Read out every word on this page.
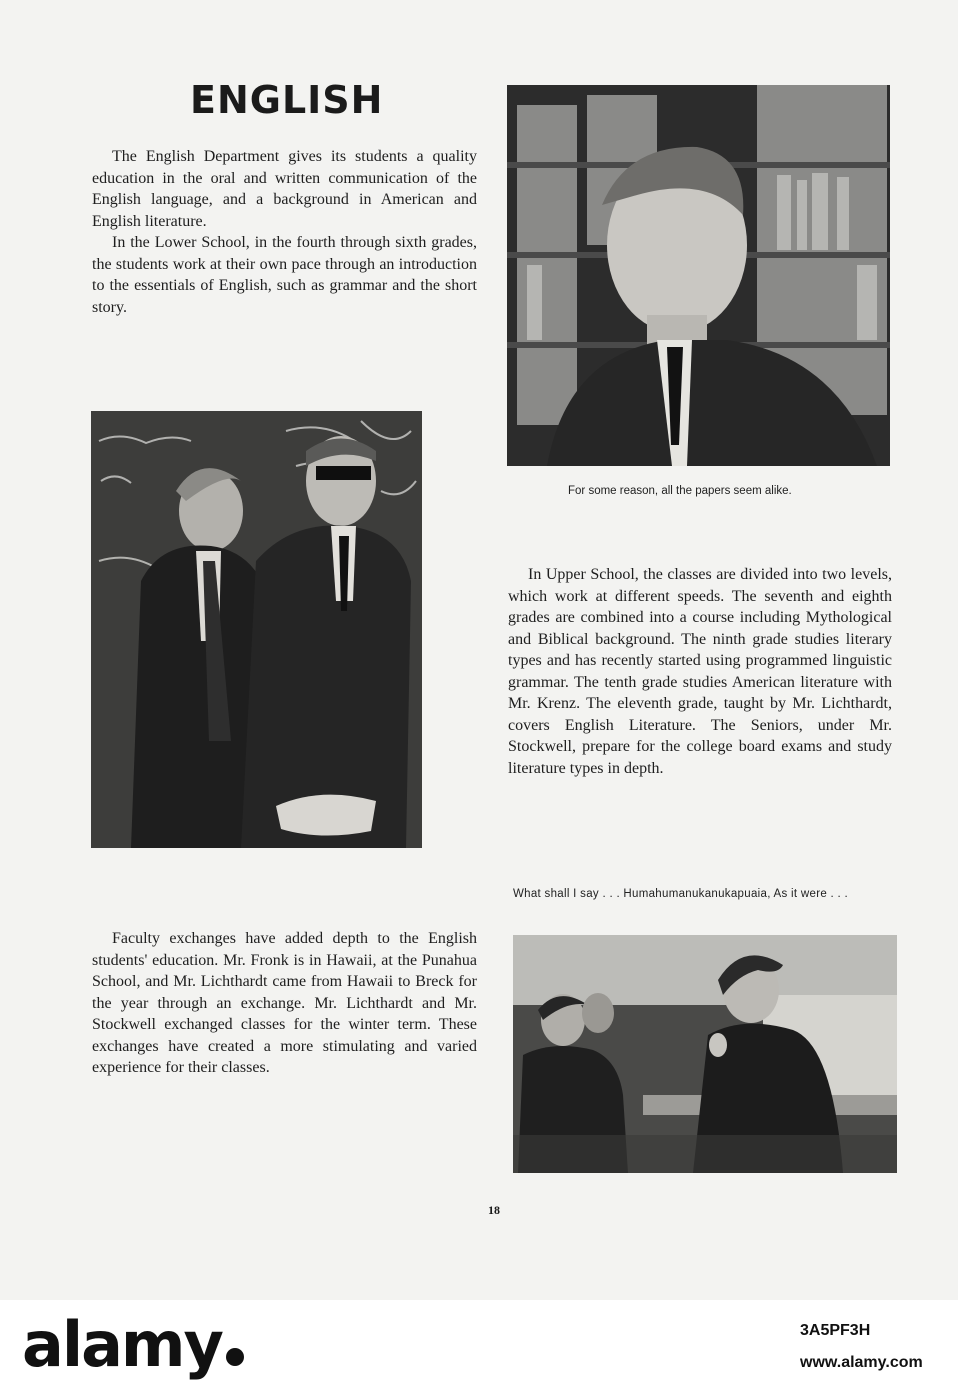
ENGLISH

The English Department gives its students a quality education in the oral and written communication of the English language, and a background in American and English literature.

In the Lower School, in the fourth through sixth grades, the students work at their own pace through an introduction to the essentials of English, such as grammar and the short story.

For some reason, all the papers seem alike.

In Upper School, the classes are divided into two levels, which work at different speeds. The seventh and eighth grades are combined into a course including Mythological and Biblical background. The ninth grade studies literary types and has recently started using programmed linguistic grammar. The tenth grade studies American literature with Mr. Krenz. The eleventh grade, taught by Mr. Lichthardt, covers English Literature. The Seniors, under Mr. Stockwell, prepare for the college board exams and study literature types in depth.

What shall I say . . . Humahumanukanukapuaia, As it were . . .

Faculty exchanges have added depth to the English students' education. Mr. Fronk is in Hawaii, at the Punahua School, and Mr. Lichthardt came from Hawaii to Breck for the year through an exchange. Mr. Lichthardt and Mr. Stockwell exchanged classes for the winter term. These exchanges have created a more stimulating and varied experience for their classes.

18
alamy	3A5PF3H
www.alamy.com
